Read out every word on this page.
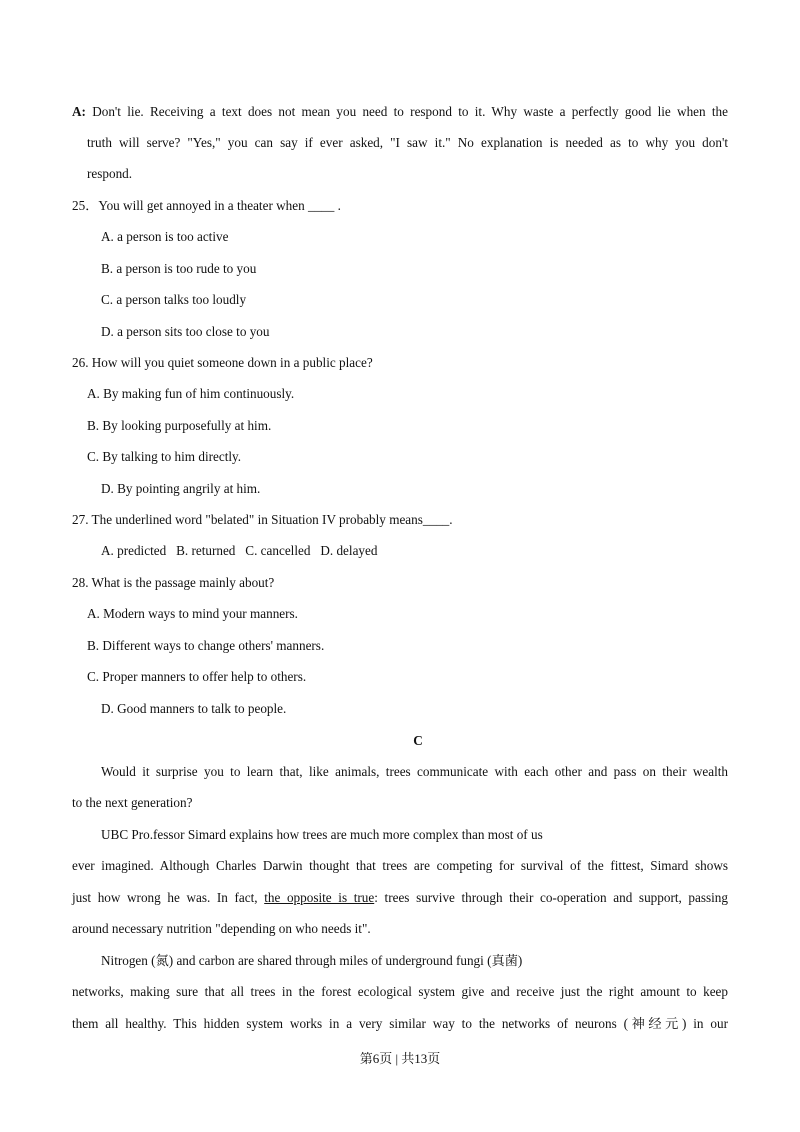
A: Don't lie. Receiving a text does not mean you need to respond to it. Why waste a perfectly good lie when the
truth will serve? "Yes," you can say if ever asked, "I saw it." No explanation is needed as to why you don't
respond.
25．You will get annoyed in a theater when ____ .
A. a person is too active
B. a person is too rude to you
C. a person talks too loudly
D. a person sits too close to you
26. How will you quiet someone down in a public place?
A. By making fun of him continuously.
B. By looking purposefully at him.
C. By talking to him directly.
D. By pointing angrily at him.
27. The underlined word "belated" in Situation IV probably means____.
A. predicted   B. returned   C. cancelled   D. delayed
28. What is the passage mainly about?
A. Modern ways to mind your manners.
B. Different ways to change others' manners.
C. Proper manners to offer help to others.
D. Good manners to talk to people.
C
Would it surprise you to learn that, like animals, trees communicate with each other and pass on their wealth
to the next generation?
UBC Pro.fessor Simard explains how trees are much more complex than most of us
ever imagined. Although Charles Darwin thought that trees are competing for survival of the fittest, Simard shows
just how wrong he was. In fact, the opposite is true: trees survive through their co-operation and support, passing
around necessary nutrition "depending on who needs it".
Nitrogen (氮) and carbon are shared through miles of underground fungi (真菌)
networks, making sure that all trees in the forest ecological system give and receive just the right amount to keep
them all healthy. This hidden system works in a very similar way to the networks of neurons (神经元) in our
第6页 | 共13页
